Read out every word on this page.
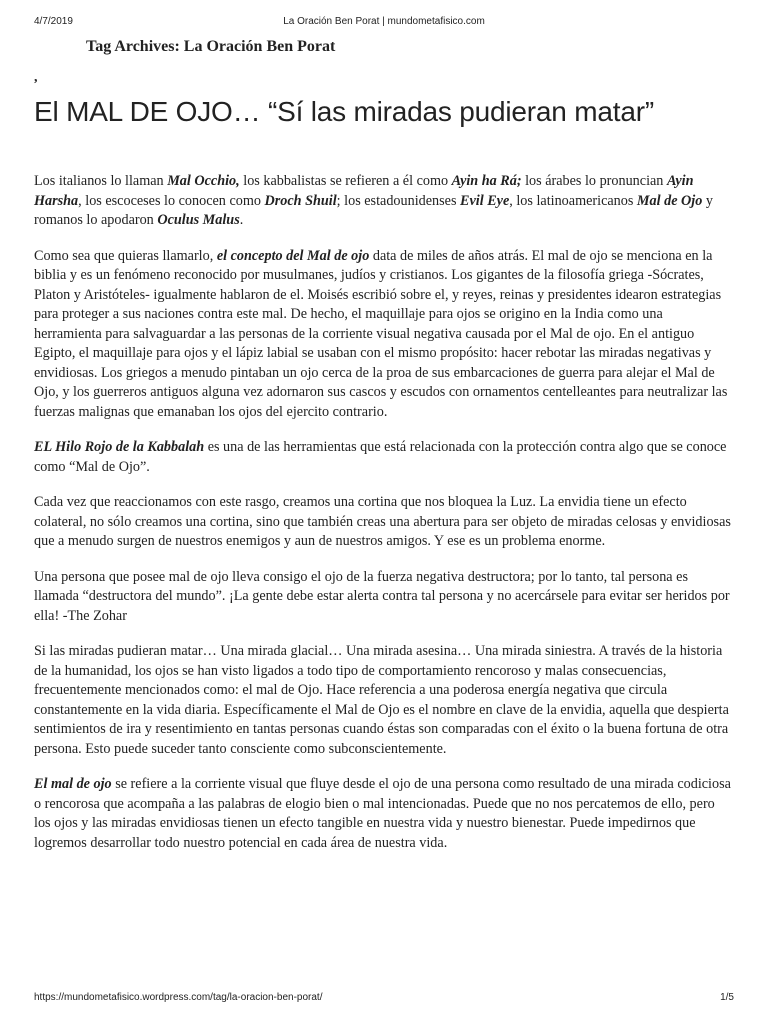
4/7/2019	La Oración Ben Porat | mundometafisico.com
Tag Archives: La Oración Ben Porat
,
El MAL DE OJO… “Sí las miradas pudieran matar”

Los italianos lo llaman Mal Occhio, los kabbalistas se refieren a él como Ayin ha Rá; los árabes lo pronuncian Ayin Harsha, los escoceses lo conocen como Droch Shuil; los estadounidenses Evil Eye, los latinoamericanos Mal de Ojo y romanos lo apodaron Oculus Malus.

Como sea que quieras llamarlo, el concepto del Mal de ojo data de miles de años atrás. El mal de ojo se menciona en la biblia y es un fenómeno reconocido por musulmanes, judíos y cristianos. Los gigantes de la filosofía griega -Sócrates, Platon y Aristóteles- igualmente hablaron de el. Moisés escribió sobre el, y reyes, reinas y presidentes idearon estrategias para proteger a sus naciones contra este mal. De hecho, el maquillaje para ojos se origino en la India como una herramienta para salvaguardar a las personas de la corriente visual negativa causada por el Mal de ojo. En el antiguo Egipto, el maquillaje para ojos y el lápiz labial se usaban con el mismo propósito: hacer rebotar las miradas negativas y envidiosas. Los griegos a menudo pintaban un ojo cerca de la proa de sus embarcaciones de guerra para alejar el Mal de Ojo, y los guerreros antiguos alguna vez adornaron sus cascos y escudos con ornamentos centelleantes para neutralizar las fuerzas malignas que emanaban los ojos del ejercito contrario.

EL Hilo Rojo de la Kabbalah es una de las herramientas que está relacionada con la protección contra algo que se conoce como “Mal de Ojo”.

Cada vez que reaccionamos con este rasgo, creamos una cortina que nos bloquea la Luz. La envidia tiene un efecto colateral, no sólo creamos una cortina, sino que también creas una abertura para ser objeto de miradas celosas y envidiosas que a menudo surgen de nuestros enemigos y aun de nuestros amigos. Y ese es un problema enorme.

Una persona que posee mal de ojo lleva consigo el ojo de la fuerza negativa destructora; por lo tanto, tal persona es llamada “destructora del mundo”. ¡La gente debe estar alerta contra tal persona y no acercársele para evitar ser heridos por ella! -The Zohar

Si las miradas pudieran matar… Una mirada glacial… Una mirada asesina… Una mirada siniestra. A través de la historia de la humanidad, los ojos se han visto ligados a todo tipo de comportamiento rencoroso y malas consecuencias, frecuentemente mencionados como: el mal de Ojo. Hace referencia a una poderosa energía negativa que circula constantemente en la vida diaria. Específicamente el Mal de Ojo es el nombre en clave de la envidia, aquella que despierta sentimientos de ira y resentimiento en tantas personas cuando éstas son comparadas con el éxito o la buena fortuna de otra persona. Esto puede suceder tanto consciente como subconscientemente.

El mal de ojo se refiere a la corriente visual que fluye desde el ojo de una persona como resultado de una mirada codiciosa o rencorosa que acompaña a las palabras de elogio bien o mal intencionadas. Puede que no nos percatemos de ello, pero los ojos y las miradas envidiosas tienen un efecto tangible en nuestra vida y nuestro bienestar. Puede impedirnos que logremos desarrollar todo nuestro potencial en cada área de nuestra vida.

https://mundometafisico.wordpress.com/tag/la-oracion-ben-porat/	1/5
